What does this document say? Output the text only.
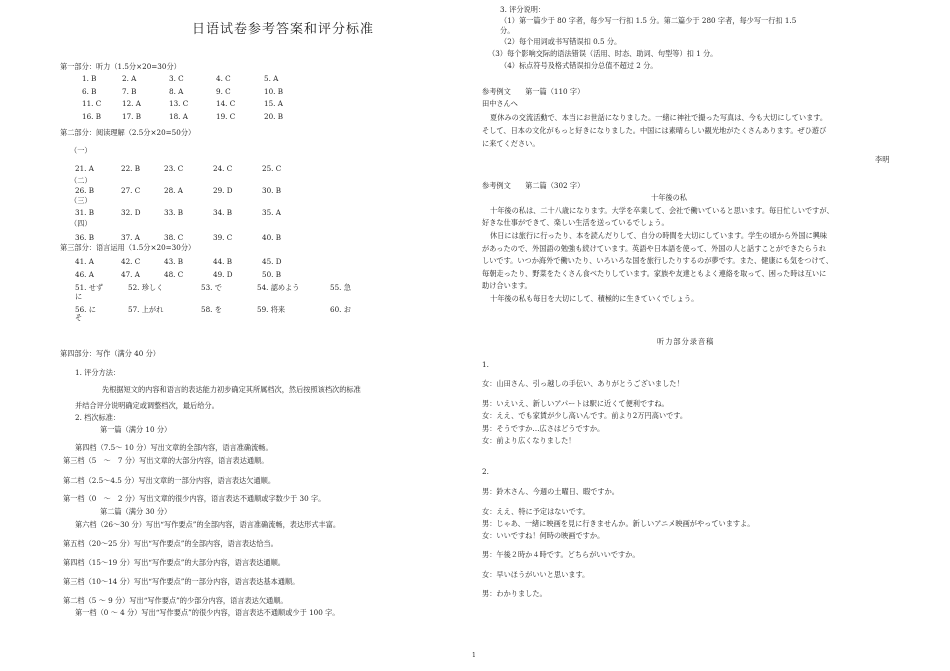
日语试卷参考答案和评分标准
第一部分：听力（1.5分×20=30分）
1. B	2. A	3. C	4. C	5. A
6. B	7. B	8. A	9. C	10. B
11. C	12. A	13. C	14. C	15. A
16. B	17. B	18. A	19. C	20. B
第二部分：阅读理解（2.5分×20=50分）
（一）
（二）
（三）
（四）
21. A	22. B	23. C	24. C	25. C
26. B	27. C	28. A	29. D	30. B
31. B	32. D	33. B	34. B	35. A
36. B	37. A	38. C	39. C	40. B
第三部分：语言运用（1.5分×20=30分）
41. A	42. C	43. B	44. B	45. D
46. A	47. A	48. C	49. D	50. B
51. せず	52. 珍しく	53. で	54. 認めよう	55. 急
に
56. に	57. 上がれ	58. を	59. 将来	60. お
そ
第四部分：写作（满分 40 分）
1. 评分方法：
先根据短文的内容和语言的表达能力初步确定其所属档次，然后按照该档次的标准
并结合评分说明确定或调整档次，最后给分。
2. 档次标准：
第一篇（满分 10 分）
第四档（7.5～ 10 分）写出文章的全部内容，语言准确流畅。
第三档（5　～　7 分）写出文章的大部分内容，语言表达通顺。
第二档（2.5～4.5 分）写出文章的一部分内容，语言表达欠通顺。
第一档（0　～　2 分）写出文章的很少内容，语言表达不通顺或字数少于 30 字。
第二篇（满分 30 分）
第六档（26～30 分）写出“写作要点”的全部内容，语言准确流畅，表达形式丰富。
第五档（20～25 分）写出“写作要点”的全部内容，语言表达恰当。
第四档（15～19 分）写出“写作要点”的大部分内容，语言表达通顺。
第三档（10～14 分）写出“写作要点”的一部分内容，语言表达基本通顺。
第二档（5 ～ 9 分）写出“写作要点”的少部分内容，语言表达欠通顺。
第一档（0 ～ 4 分）写出“写作要点”的很少内容，语言表达不通顺或少于 100 字。
3. 评分说明：
（1）第一篇少于 80 字者，每少写一行扣 1.5 分。第二篇少于 280 字者，每少写一行扣 1.5
分。
（2）每个用词或书写错误扣 0.5 分。
（3）每个影响交际的语法错误（活用、时态、助词、句型等）扣 1 分。
（4）标点符号及格式错误扣分总值不超过 2 分。
参考例文　　第一篇（110 字）
田中さんへ
夏休みの交流活動で、本当にお世話になりました。一緒に神社で撮った写真は、今も大切にしています。
そして、日本の文化がもっと好きになりました。中国には素晴らしい観光地がたくさんあります。ぜひ遊び
に来てください。
李明
参考例文　　第二篇（302 字）
十年後の私
十年後の私は、二十八歳になります。大学を卒業して、会社で働いていると思います。毎日忙しいですが、
好きな仕事ができて、楽しい生活を送っているでしょう。
休日には旅行に行ったり、本を読んだりして、自分の時間を大切にしています。学生の頃から外国に興味
があったので、外国語の勉強も続けています。英語や日本語を使って、外国の人と話すことができたらうれ
しいです。いつか海外で働いたり、いろいろな国を旅行したりするのが夢です。また、健康にも気をつけて、
毎朝走ったり、野菜をたくさん食べたりしています。家族や友達ともよく連絡を取って、困った時は互いに
助け合います。
十年後の私も毎日を大切にして、積極的に生きていくでしょう。
听力部分录音稿
1.
女：山田さん、引っ越しの手伝い、ありがとうございました！
男：いえいえ、新しいアパートは駅に近くて便利ですね。
女：ええ、でも家賃が少し高いんです。前より2万円高いです。
男：そうですか…広さはどうですか。
女：前より広くなりました！
2.
男：鈴木さん、今週の土曜日、暇ですか。
女：ええ、特に予定はないです。
男：じゃあ、一緒に映画を見に行きませんか。新しいアニメ映画がやっていますよ。
女：いいですね！何時の映画ですか。
男：午後２時か４時です。どちらがいいですか。
女：早いほうがいいと思います。
男：わかりました。
1
